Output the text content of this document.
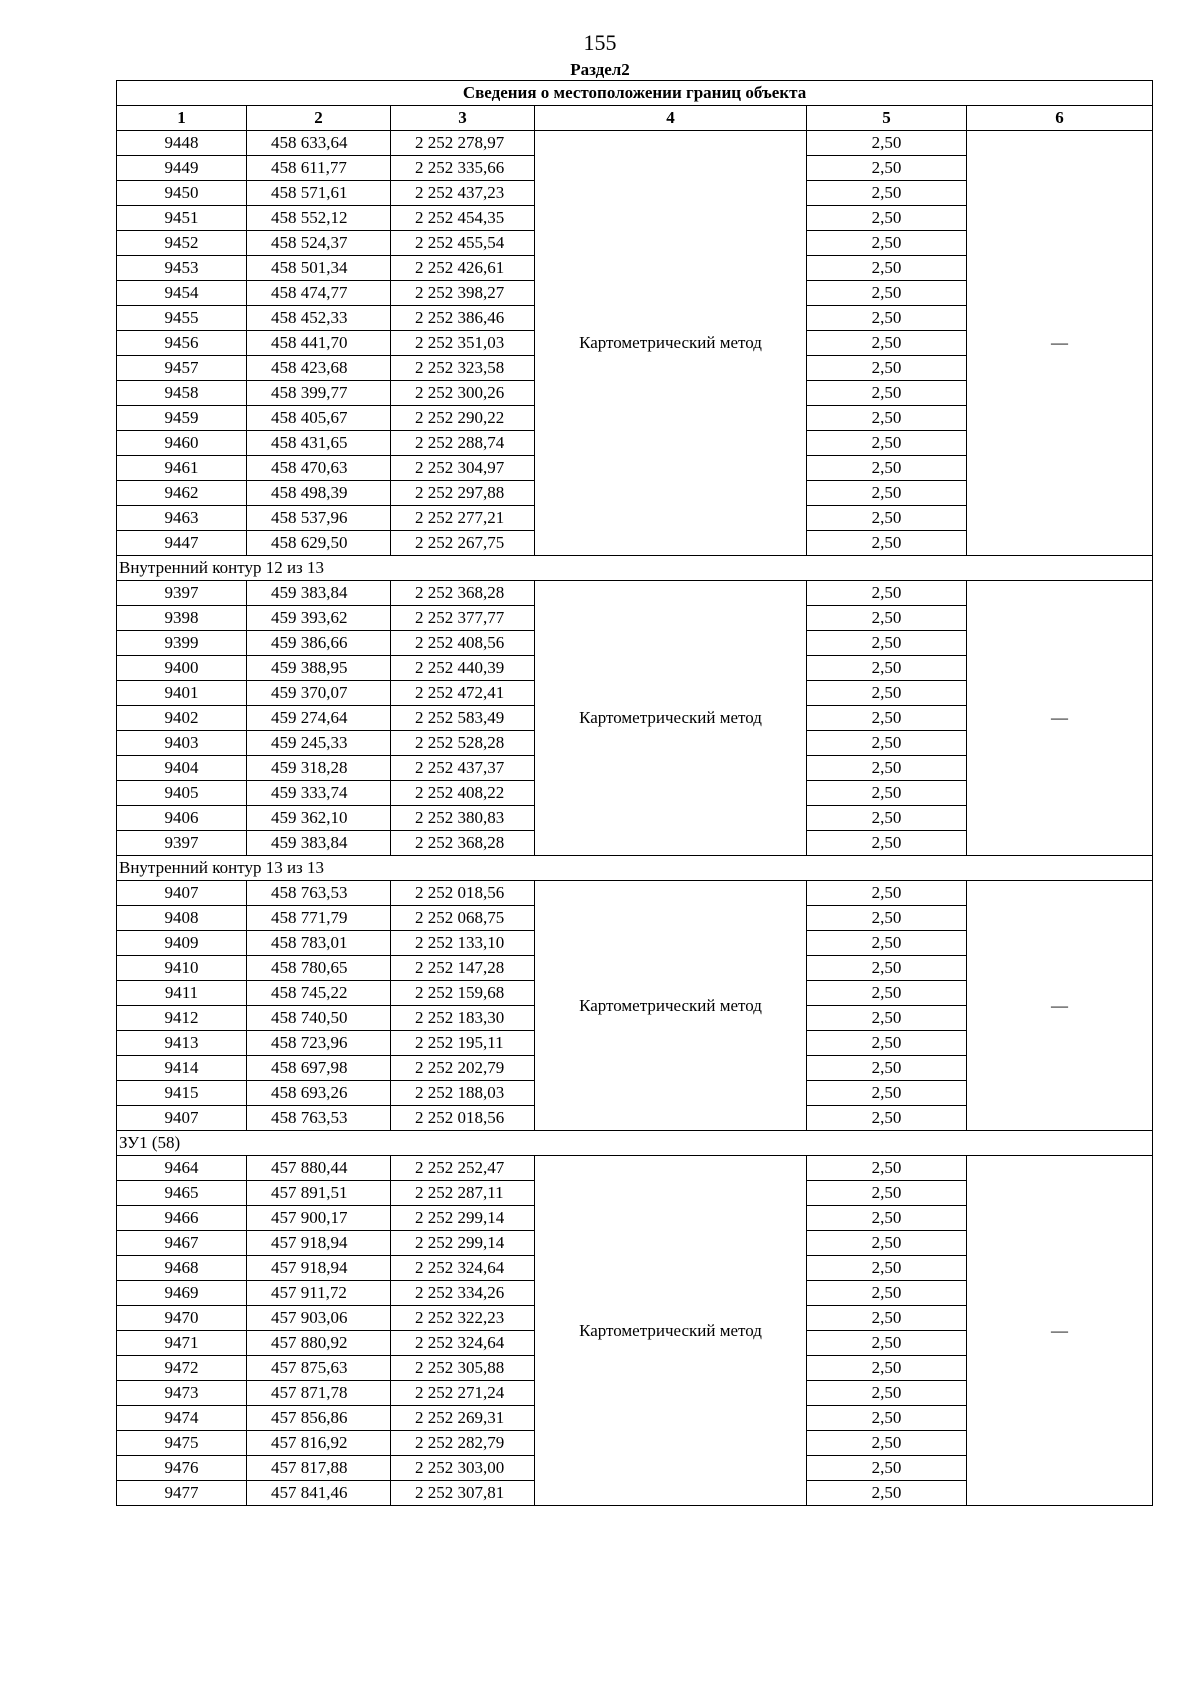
155
Раздел2
Сведения о местоположении границ объекта					
1	2	3	4	5	6
9448	458 633,64	2 252 278,97	Картометрический метод	2,50	—
9449	458 611,77	2 252 335,66		2,50	
9450	458 571,61	2 252 437,23		2,50	
9451	458 552,12	2 252 454,35		2,50	
9452	458 524,37	2 252 455,54		2,50	
9453	458 501,34	2 252 426,61		2,50	
9454	458 474,77	2 252 398,27		2,50	
9455	458 452,33	2 252 386,46		2,50	
9456	458 441,70	2 252 351,03		2,50	
9457	458 423,68	2 252 323,58		2,50	
9458	458 399,77	2 252 300,26		2,50	
9459	458 405,67	2 252 290,22		2,50	
9460	458 431,65	2 252 288,74		2,50	
9461	458 470,63	2 252 304,97		2,50	
9462	458 498,39	2 252 297,88		2,50	
9463	458 537,96	2 252 277,21		2,50	
9447	458 629,50	2 252 267,75		2,50	
Внутренний контур 12 из 13					
9397	459 383,84	2 252 368,28	Картометрический метод	2,50	—
9398	459 393,62	2 252 377,77		2,50	
9399	459 386,66	2 252 408,56		2,50	
9400	459 388,95	2 252 440,39		2,50	
9401	459 370,07	2 252 472,41		2,50	
9402	459 274,64	2 252 583,49		2,50	
9403	459 245,33	2 252 528,28		2,50	
9404	459 318,28	2 252 437,37		2,50	
9405	459 333,74	2 252 408,22		2,50	
9406	459 362,10	2 252 380,83		2,50	
9397	459 383,84	2 252 368,28		2,50	
Внутренний контур 13 из 13					
9407	458 763,53	2 252 018,56	Картометрический метод	2,50	—
9408	458 771,79	2 252 068,75		2,50	
9409	458 783,01	2 252 133,10		2,50	
9410	458 780,65	2 252 147,28		2,50	
9411	458 745,22	2 252 159,68		2,50	
9412	458 740,50	2 252 183,30		2,50	
9413	458 723,96	2 252 195,11		2,50	
9414	458 697,98	2 252 202,79		2,50	
9415	458 693,26	2 252 188,03		2,50	
9407	458 763,53	2 252 018,56		2,50	
ЗУ1 (58)					
9464	457 880,44	2 252 252,47	Картометрический метод	2,50	—
9465	457 891,51	2 252 287,11		2,50	
9466	457 900,17	2 252 299,14		2,50	
9467	457 918,94	2 252 299,14		2,50	
9468	457 918,94	2 252 324,64		2,50	
9469	457 911,72	2 252 334,26		2,50	
9470	457 903,06	2 252 322,23		2,50	
9471	457 880,92	2 252 324,64		2,50	
9472	457 875,63	2 252 305,88		2,50	
9473	457 871,78	2 252 271,24		2,50	
9474	457 856,86	2 252 269,31		2,50	
9475	457 816,92	2 252 282,79		2,50	
9476	457 817,88	2 252 303,00		2,50	
9477	457 841,46	2 252 307,81		2,50	
